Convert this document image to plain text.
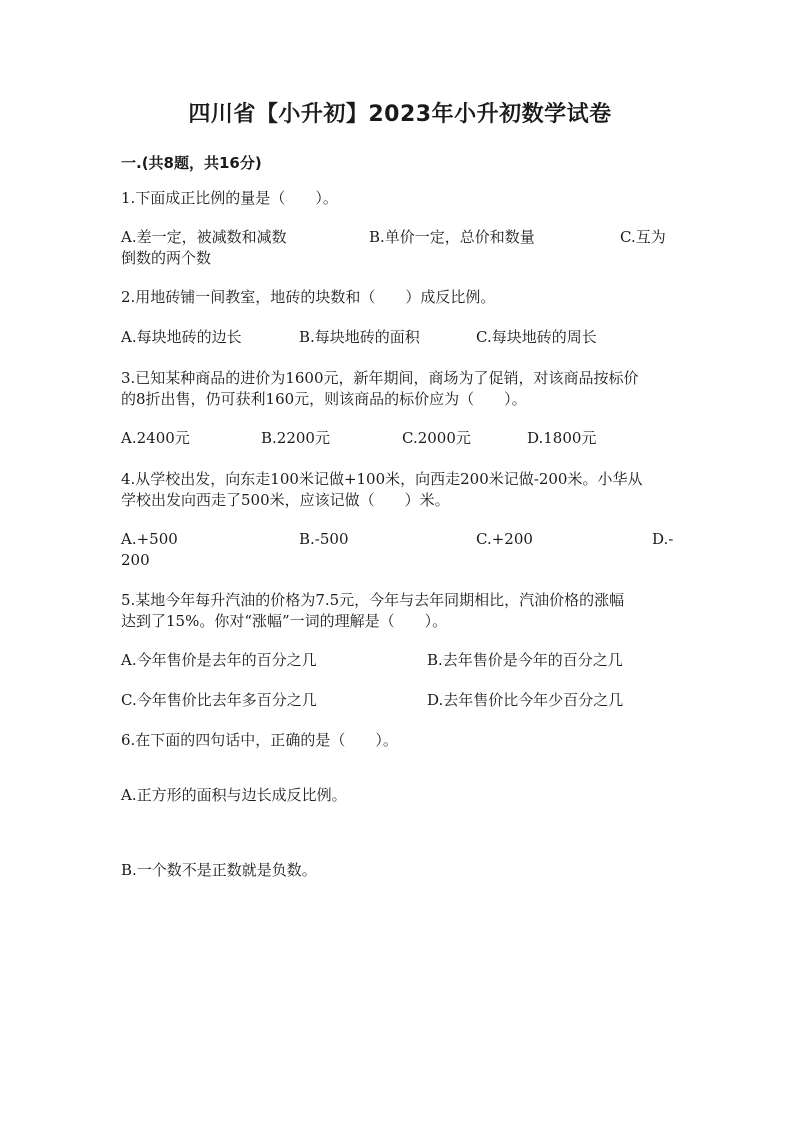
四川省【小升初】2023年小升初数学试卷
一.(共8题，共16分)
1.下面成正比例的量是（　　）。
A.差一定，被减数和减数	B.单价一定，总价和数量	C.互为
倒数的两个数
2.用地砖铺一间教室，地砖的块数和（　　）成反比例。
A.每块地砖的边长	B.每块地砖的面积	C.每块地砖的周长
3.已知某种商品的进价为1600元，新年期间，商场为了促销，对该商品按标价
的8折出售，仍可获利160元，则该商品的标价应为（　　）。
A.2400元	B.2200元	C.2000元	D.1800元
4.从学校出发，向东走100米记做+100米，向西走200米记做-200米。小华从
学校出发向西走了500米，应该记做（　　）米。
A.+500	B.-500	C.+200	D.-
200
5.某地今年每升汽油的价格为7.5元，今年与去年同期相比，汽油价格的涨幅
达到了15%。你对“涨幅”一词的理解是（　　）。
A.今年售价是去年的百分之几	B.去年售价是今年的百分之几
C.今年售价比去年多百分之几	D.去年售价比今年少百分之几
6.在下面的四句话中，正确的是（　　）。
A.正方形的面积与边长成反比例。
B.一个数不是正数就是负数。
